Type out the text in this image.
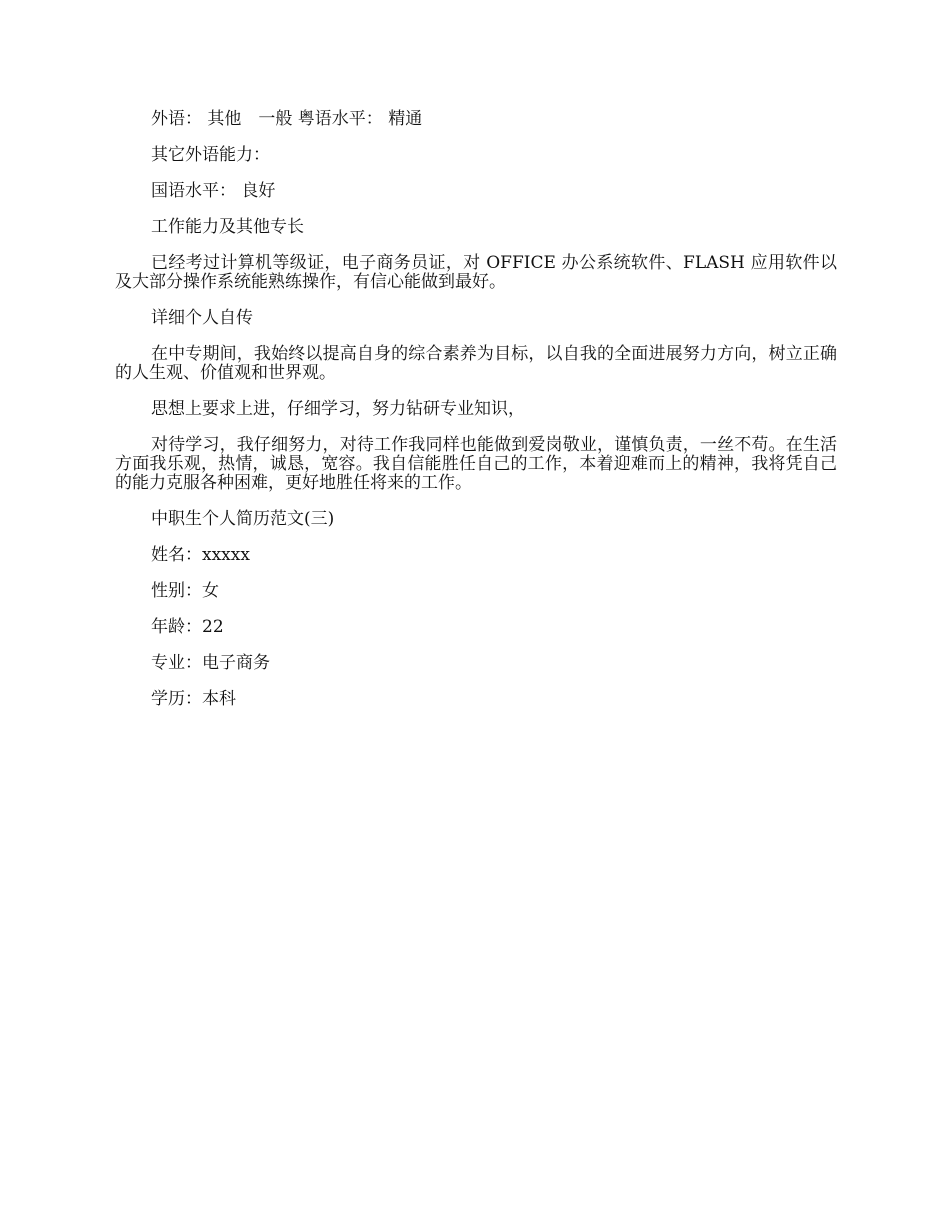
外语： 其他　一般 粤语水平： 精通

其它外语能力：

国语水平： 良好

工作能力及其他专长

已经考过计算机等级证，电子商务员证，对 OFFICE 办公系统软件、FLASH 应用软件以及大部分操作系统能熟练操作，有信心能做到最好。

详细个人自传

在中专期间，我始终以提高自身的综合素养为目标，以自我的全面进展努力方向，树立正确的人生观、价值观和世界观。

思想上要求上进，仔细学习，努力钻研专业知识，

对待学习，我仔细努力，对待工作我同样也能做到爱岗敬业，谨慎负责，一丝不苟。在生活方面我乐观，热情，诚恳，宽容。我自信能胜任自己的工作，本着迎难而上的精神，我将凭自己的能力克服各种困难，更好地胜任将来的工作。

中职生个人简历范文(三)

姓名：xxxxx

性别：女

年龄：22

专业：电子商务

学历：本科
